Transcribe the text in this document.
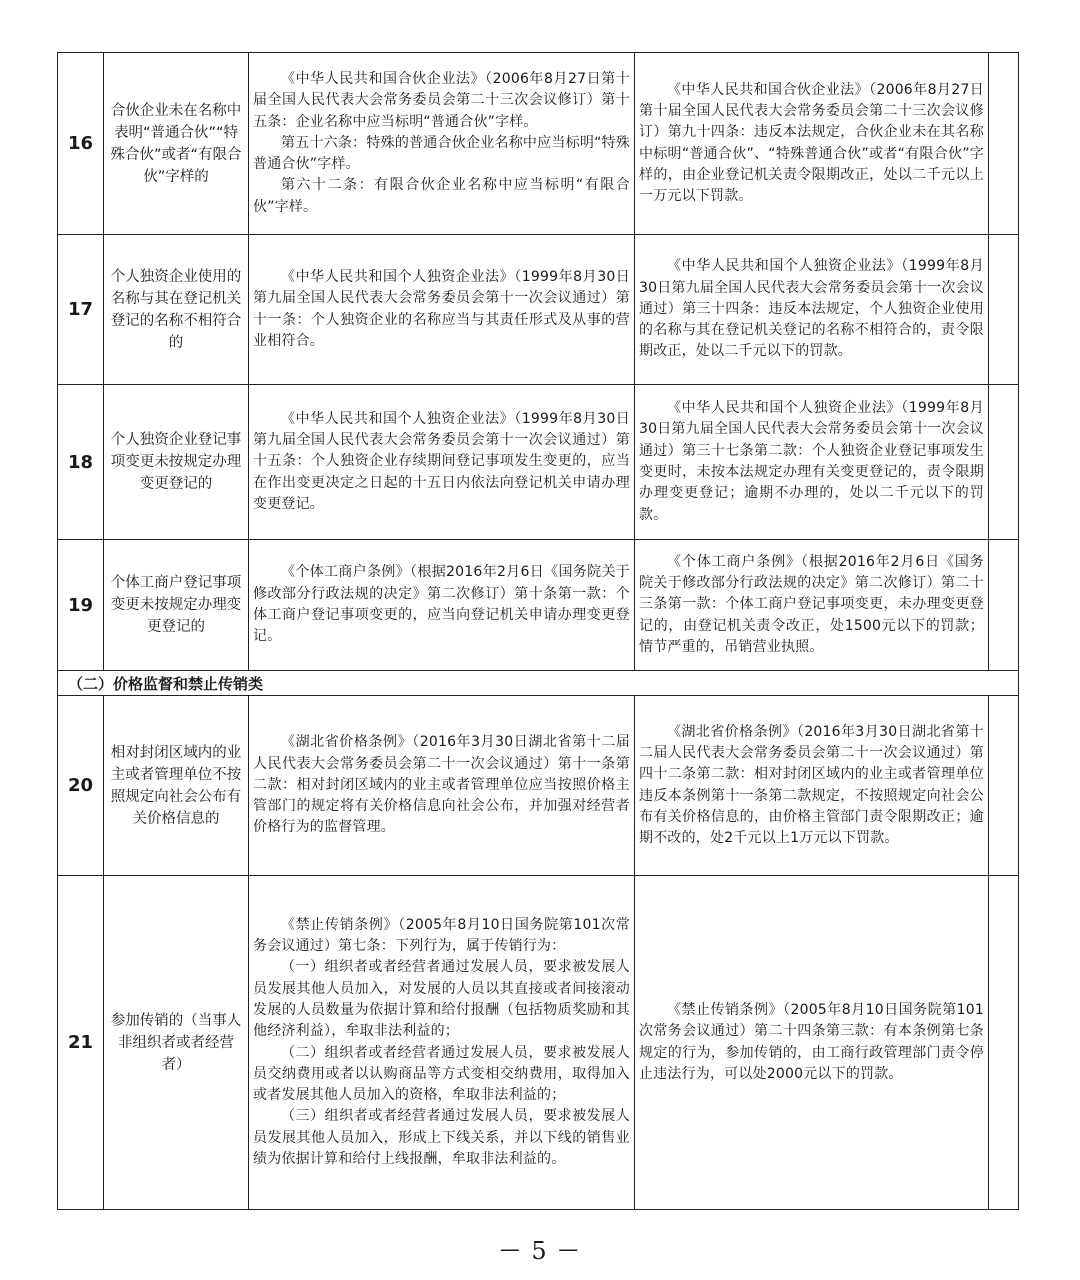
16	合伙企业未在名称中表明“普通合伙”“特殊合伙”或者“有限合伙”字样的	《中华人民共和国合伙企业法》（2006年8月27日第十届全国人民代表大会常务委员会第二十三次会议修订）第十五条：企业名称中应当标明“普通合伙”字样。

第五十六条：特殊的普通合伙企业名称中应当标明“特殊普通合伙”字样。

第六十二条：有限合伙企业名称中应当标明“有限合伙”字样。	《中华人民共和国合伙企业法》（2006年8月27日第十届全国人民代表大会常务委员会第二十三次会议修订）第九十四条：违反本法规定，合伙企业未在其名称中标明“普通合伙”、“特殊普通合伙”或者“有限合伙”字样的，由企业登记机关责令限期改正，处以二千元以上一万元以下罚款。	

17	个人独资企业使用的名称与其在登记机关登记的名称不相符合的	《中华人民共和国个人独资企业法》（1999年8月30日第九届全国人民代表大会常务委员会第十一次会议通过）第十一条：个人独资企业的名称应当与其责任形式及从事的营业相符合。	《中华人民共和国个人独资企业法》（1999年8月30日第九届全国人民代表大会常务委员会第十一次会议通过）第三十四条：违反本法规定，个人独资企业使用的名称与其在登记机关登记的名称不相符合的，责令限期改正，处以二千元以下的罚款。	

18	个人独资企业登记事项变更未按规定办理变更登记的	《中华人民共和国个人独资企业法》（1999年8月30日第九届全国人民代表大会常务委员会第十一次会议通过）第十五条：个人独资企业存续期间登记事项发生变更的，应当在作出变更决定之日起的十五日内依法向登记机关申请办理变更登记。	《中华人民共和国个人独资企业法》（1999年8月30日第九届全国人民代表大会常务委员会第十一次会议通过）第三十七条第二款：个人独资企业登记事项发生变更时，未按本法规定办理有关变更登记的，责令限期办理变更登记；逾期不办理的，处以二千元以下的罚款。	

19	个体工商户登记事项变更未按规定办理变更登记的	《个体工商户条例》（根据2016年2月6日《国务院关于修改部分行政法规的决定》第二次修订）第十条第一款：个体工商户登记事项变更的，应当向登记机关申请办理变更登记。	《个体工商户条例》（根据2016年2月6日《国务院关于修改部分行政法规的决定》第二次修订）第二十三条第一款：个体工商户登记事项变更，未办理变更登记的，由登记机关责令改正，处1500元以下的罚款；情节严重的，吊销营业执照。	

（二）价格监督和禁止传销类				
20	相对封闭区域内的业主或者管理单位不按照规定向社会公布有关价格信息的	《湖北省价格条例》（2016年3月30日湖北省第十二届人民代表大会常务委员会第二十一次会议通过）第十一条第二款：相对封闭区域内的业主或者管理单位应当按照价格主管部门的规定将有关价格信息向社会公布，并加强对经营者价格行为的监督管理。	《湖北省价格条例》（2016年3月30日湖北省第十二届人民代表大会常务委员会第二十一次会议通过）第四十二条第二款：相对封闭区域内的业主或者管理单位违反本条例第十一条第二款规定，不按照规定向社会公布有关价格信息的，由价格主管部门责令限期改正；逾期不改的，处2千元以上1万元以下罚款。	

21	参加传销的（当事人非组织者或者经营者）	《禁止传销条例》（2005年8月10日国务院第101次常务会议通过）第七条：下列行为，属于传销行为：

（一）组织者或者经营者通过发展人员，要求被发展人员发展其他人员加入，对发展的人员以其直接或者间接滚动发展的人员数量为依据计算和给付报酬（包括物质奖励和其他经济利益），牟取非法利益的；

（二）组织者或者经营者通过发展人员，要求被发展人员交纳费用或者以认购商品等方式变相交纳费用，取得加入或者发展其他人员加入的资格，牟取非法利益的；

（三）组织者或者经营者通过发展人员，要求被发展人员发展其他人员加入，形成上下线关系，并以下线的销售业绩为依据计算和给付上线报酬，牟取非法利益的。	《禁止传销条例》（2005年8月10日国务院第101次常务会议通过）第二十四条第三款：有本条例第七条规定的行为，参加传销的，由工商行政管理部门责令停止违法行为，可以处2000元以下的罚款。	

— 5 —
